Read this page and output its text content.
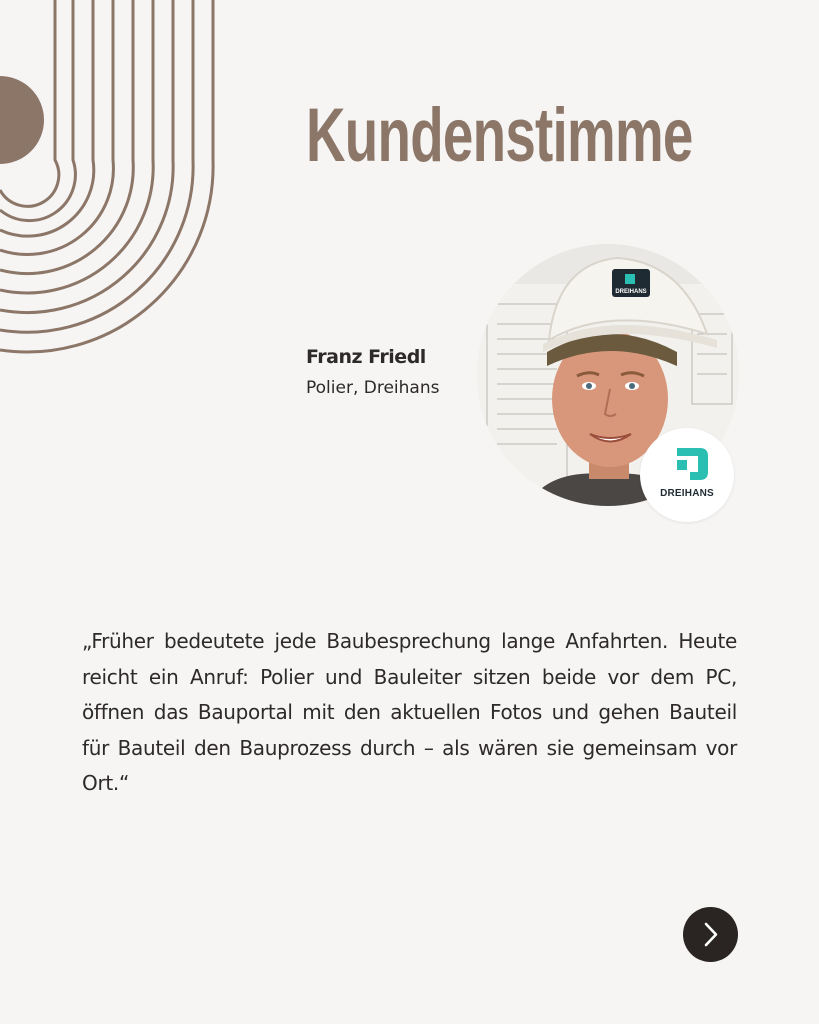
Kundenstimme
Franz Friedl
Polier, Dreihans
DREIHANS
DREIHANS
„Früher bedeutete jede Baubesprechung lange Anfahrten. Heute reicht ein Anruf: Polier und Bauleiter sitzen beide vor dem PC, öffnen das Bauportal mit den aktuellen Fotos und gehen Bauteil für Bauteil den Bauprozess durch – als wären sie gemeinsam vor Ort.“
